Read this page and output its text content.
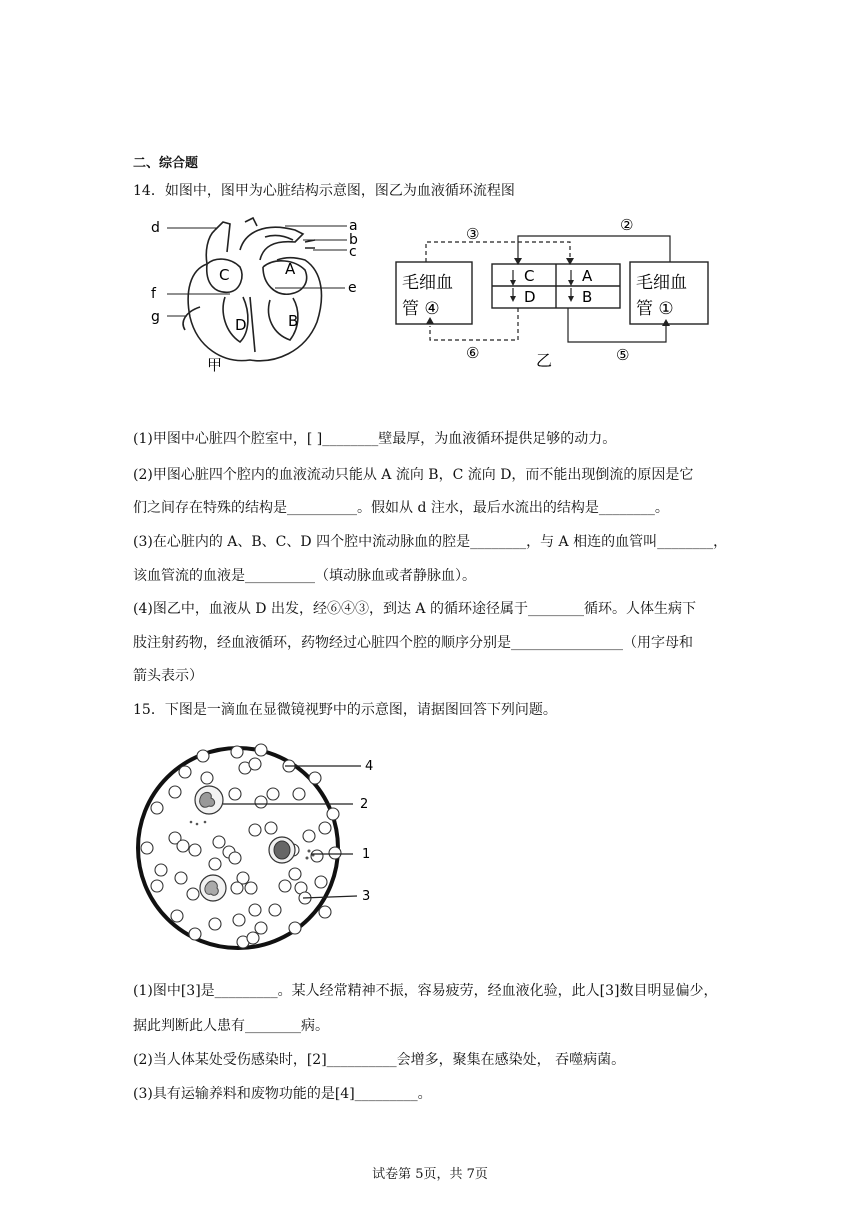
二、综合题
14．如图中，图甲为心脏结构示意图，图乙为血液循环流程图
d
f
g
a
b
c
e
A
B
C
D
甲
毛细血
管 ④
毛细血
管 ①
C	A
D	B
③	②
⑥	⑤
乙
(1)甲图中心脏四个腔室中，[ ]________壁最厚，为血液循环提供足够的动力。
(2)甲图心脏四个腔内的血液流动只能从 A 流向 B，C 流向 D，而不能出现倒流的原因是它
们之间存在特殊的结构是__________。假如从 d 注水，最后水流出的结构是________。
(3)在心脏内的 A、B、C、D 四个腔中流动脉血的腔是________，与 A 相连的血管叫________，
该血管流的血液是__________（填动脉血或者静脉血）。
(4)图乙中，血液从 D 出发，经⑥④③，到达 A 的循环途径属于________循环。人体生病下
肢注射药物，经血液循环，药物经过心脏四个腔的顺序分别是________________（用字母和
箭头表示）
15．下图是一滴血在显微镜视野中的示意图，请据图回答下列问题。
4
2
1
3
(1)图中[3]是_________。某人经常精神不振，容易疲劳，经血液化验，此人[3]数目明显偏少，
据此判断此人患有________病。
(2)当人体某处受伤感染时，[2]__________会增多，聚集在感染处， 吞噬病菌。
(3)具有运输养料和废物功能的是[4]_________。
试卷第 5页，共 7页
